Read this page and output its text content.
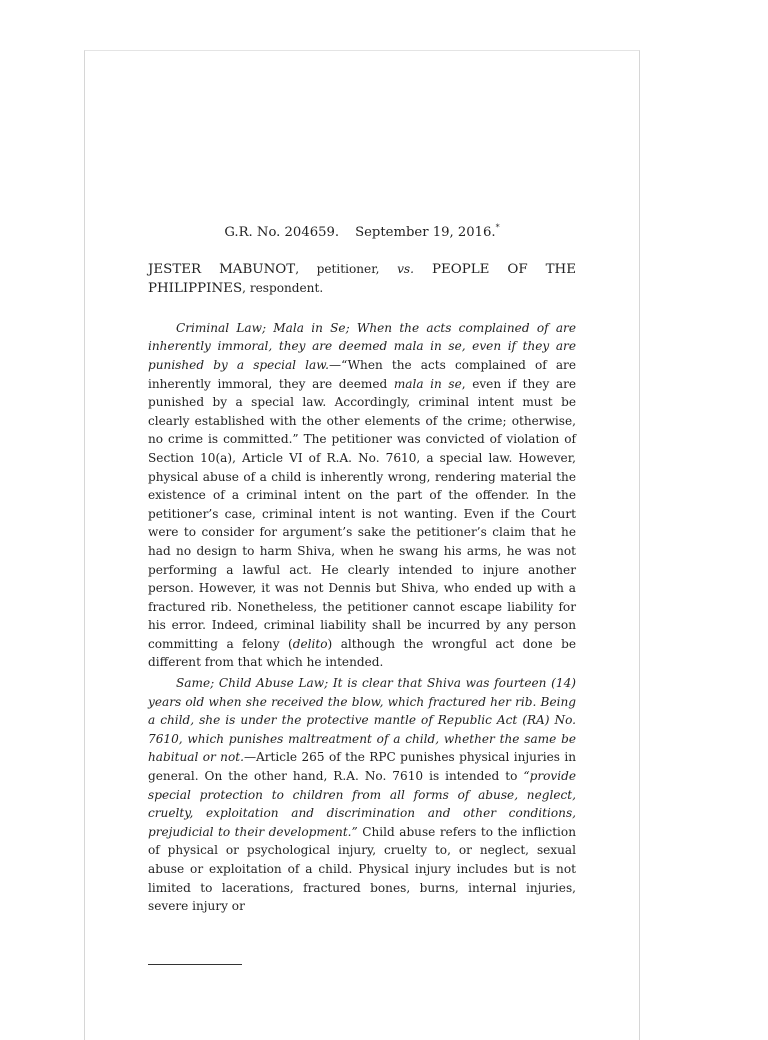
G.R. No. 204659. September 19, 2016.*

JESTER MABUNOT, petitioner, vs. PEOPLE OF THE PHILIPPINES, respondent.

Criminal Law; Mala in Se; When the acts complained of are inherently immoral, they are deemed mala in se, even if they are punished by a special law.—“When the acts complained of are inherently immoral, they are deemed mala in se, even if they are punished by a special law. Accordingly, criminal intent must be clearly established with the other elements of the crime; otherwise, no crime is committed.” The petitioner was convicted of violation of Section 10(a), Article VI of R.A. No. 7610, a special law. However, physical abuse of a child is inherently wrong, rendering material the existence of a criminal intent on the part of the offender. In the petitioner’s case, criminal intent is not wanting. Even if the Court were to consider for argument’s sake the petitioner’s claim that he had no design to harm Shiva, when he swang his arms, he was not performing a lawful act. He clearly intended to injure another person. However, it was not Dennis but Shiva, who ended up with a fractured rib. Nonetheless, the petitioner cannot escape liability for his error. Indeed, criminal liability shall be incurred by any person committing a felony (delito) although the wrongful act done be different from that which he intended.

Same; Child Abuse Law; It is clear that Shiva was fourteen (14) years old when she received the blow, which fractured her rib. Being a child, she is under the protective mantle of Republic Act (RA) No. 7610, which punishes maltreatment of a child, whether the same be habitual or not.—Article 265 of the RPC punishes physical injuries in general. On the other hand, R.A. No. 7610 is intended to “provide special protection to children from all forms of abuse, neglect, cruelty, exploitation and discrimination and other conditions, prejudicial to their development.” Child abuse refers to the infliction of physical or psychological injury, cruelty to, or neglect, sexual abuse or exploitation of a child. Physical injury includes but is not limited to lacerations, fractured bones, burns, internal injuries, severe injury or
